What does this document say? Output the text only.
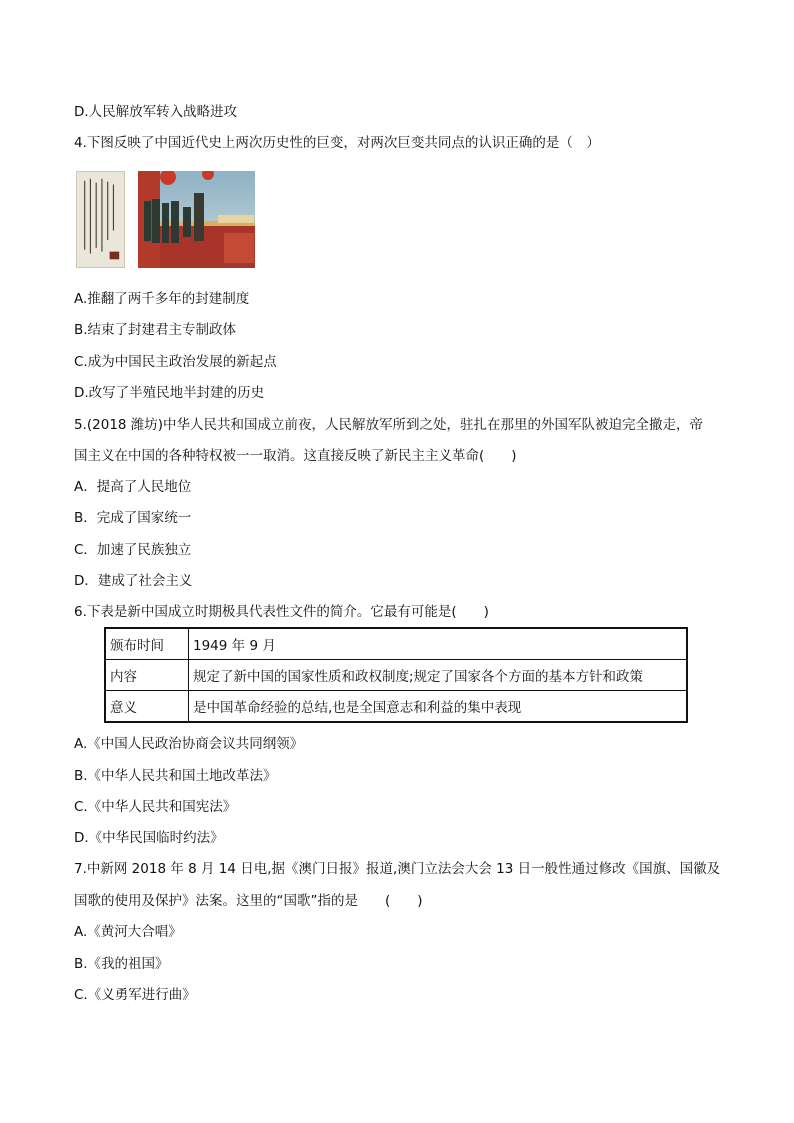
D.人民解放军转入战略进攻
4.下图反映了中国近代史上两次历史性的巨变，对两次巨变共同点的认识正确的是（　）
A.推翻了两千多年的封建制度
B.结束了封建君主专制政体
C.成为中国民主政治发展的新起点
D.改写了半殖民地半封建的历史
5.(2018 潍坊)中华人民共和国成立前夜，人民解放军所到之处，驻扎在那里的外国军队被迫完全撤走，帝
国主义在中国的各种特权被一一取消。这直接反映了新民主主义革命(　　)
A．提高了人民地位
B．完成了国家统一
C．加速了民族独立
D．建成了社会主义
6.下表是新中国成立时期极具代表性文件的简介。它最有可能是(　　)
颁布时间	1949 年 9 月
内容	规定了新中国的国家性质和政权制度;规定了国家各个方面的基本方针和政策
意义	是中国革命经验的总结,也是全国意志和利益的集中表现
A.《中国人民政治协商会议共同纲领》
B.《中华人民共和国土地改革法》
C.《中华人民共和国宪法》
D.《中华民国临时约法》
7.中新网 2018 年 8 月 14 日电,据《澳门日报》报道,澳门立法会大会 13 日一般性通过修改《国旗、国徽及
国歌的使用及保护》法案。这里的“国歌”指的是　　(　　)
A.《黄河大合唱》
B.《我的祖国》
C.《义勇军进行曲》
